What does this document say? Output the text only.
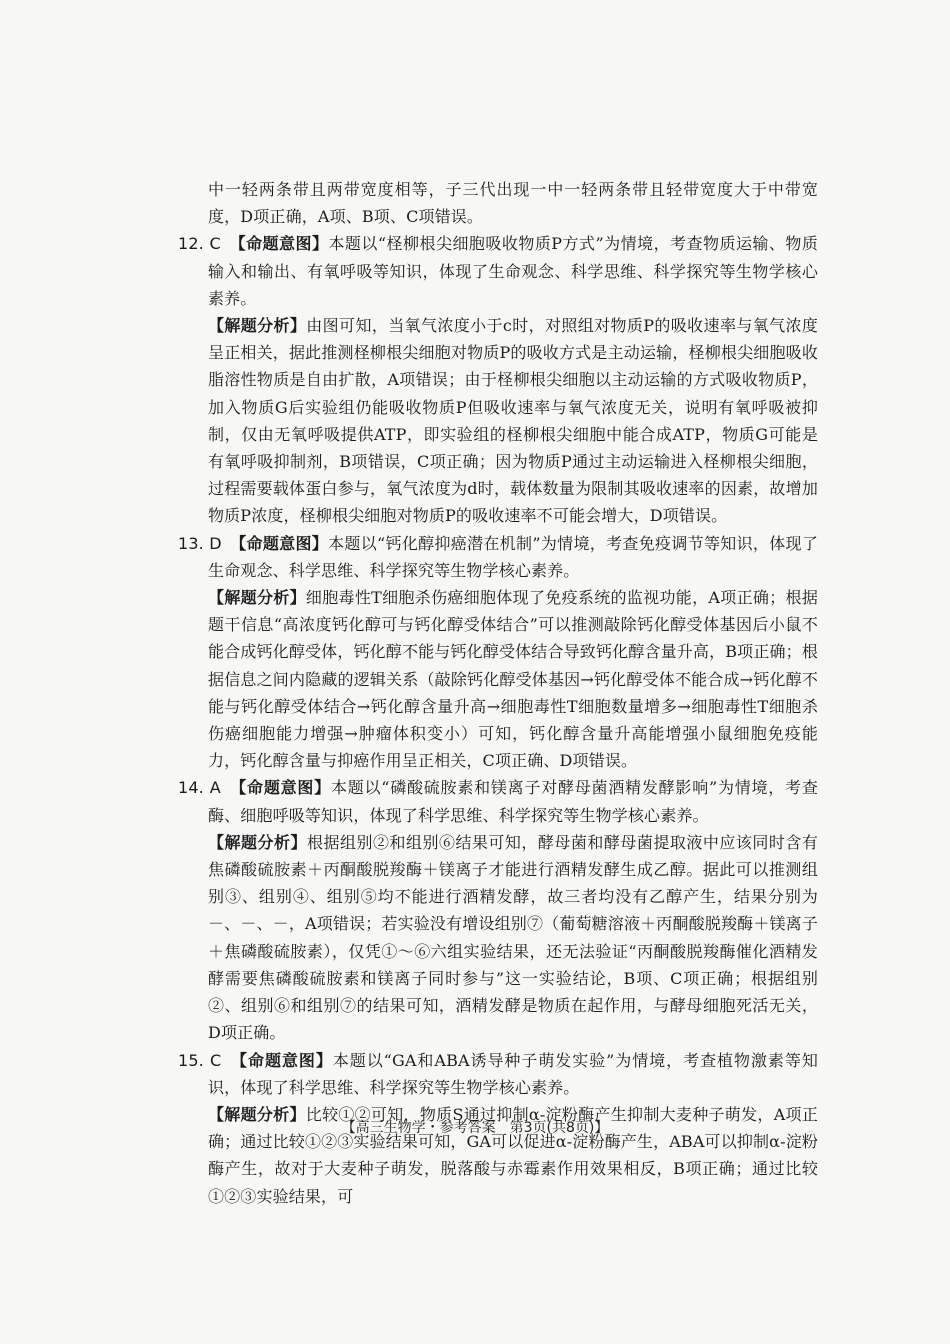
中一轻两条带且两带宽度相等，子三代出现一中一轻两条带且轻带宽度大于中带宽度，D项正确，A项、B项、C项错误。

12. C　 【命题意图】本题以“柽柳根尖细胞吸收物质P方式”为情境，考查物质运输、物质输入和输出、有氧呼吸等知识，体现了生命观念、科学思维、科学探究等生物学核心素养。

【解题分析】由图可知，当氧气浓度小于c时，对照组对物质P的吸收速率与氧气浓度呈正相关，据此推测柽柳根尖细胞对物质P的吸收方式是主动运输，柽柳根尖细胞吸收脂溶性物质是自由扩散，A项错误；由于柽柳根尖细胞以主动运输的方式吸收物质P，加入物质G后实验组仍能吸收物质P但吸收速率与氧气浓度无关，说明有氧呼吸被抑制，仅由无氧呼吸提供ATP，即实验组的柽柳根尖细胞中能合成ATP，物质G可能是有氧呼吸抑制剂，B项错误，C项正确；因为物质P通过主动运输进入柽柳根尖细胞，过程需要载体蛋白参与，氧气浓度为d时，载体数量为限制其吸收速率的因素，故增加物质P浓度，柽柳根尖细胞对物质P的吸收速率不可能会增大，D项错误。

13. D　 【命题意图】本题以“钙化醇抑癌潜在机制”为情境，考查免疫调节等知识，体现了生命观念、科学思维、科学探究等生物学核心素养。

【解题分析】细胞毒性T细胞杀伤癌细胞体现了免疫系统的监视功能，A项正确；根据题干信息“高浓度钙化醇可与钙化醇受体结合”可以推测敲除钙化醇受体基因后小鼠不能合成钙化醇受体，钙化醇不能与钙化醇受体结合导致钙化醇含量升高，B项正确；根据信息之间内隐藏的逻辑关系（敲除钙化醇受体基因→钙化醇受体不能合成→钙化醇不能与钙化醇受体结合→钙化醇含量升高→细胞毒性T细胞数量增多→细胞毒性T细胞杀伤癌细胞能力增强→肿瘤体积变小）可知，钙化醇含量升高能增强小鼠细胞免疫能力，钙化醇含量与抑癌作用呈正相关，C项正确、D项错误。

14. A　 【命题意图】本题以“磷酸硫胺素和镁离子对酵母菌酒精发酵影响”为情境，考查酶、细胞呼吸等知识，体现了科学思维、科学探究等生物学核心素养。

【解题分析】根据组别②和组别⑥结果可知，酵母菌和酵母菌提取液中应该同时含有焦磷酸硫胺素＋丙酮酸脱羧酶＋镁离子才能进行酒精发酵生成乙醇。据此可以推测组别③、组别④、组别⑤均不能进行酒精发酵，故三者均没有乙醇产生，结果分别为－、－、－，A项错误；若实验没有增设组别⑦（葡萄糖溶液＋丙酮酸脱羧酶＋镁离子＋焦磷酸硫胺素），仅凭①～⑥六组实验结果，还无法验证“丙酮酸脱羧酶催化酒精发酵需要焦磷酸硫胺素和镁离子同时参与”这一实验结论，B项、C项正确；根据组别②、组别⑥和组别⑦的结果可知，酒精发酵是物质在起作用，与酵母细胞死活无关，D项正确。

15. C　 【命题意图】本题以“GA和ABA诱导种子萌发实验”为情境，考查植物激素等知识，体现了科学思维、科学探究等生物学核心素养。

【解题分析】比较①②可知，物质S通过抑制α-淀粉酶产生抑制大麦种子萌发，A项正确；通过比较①②③实验结果可知，GA可以促进α-淀粉酶产生，ABA可以抑制α-淀粉酶产生，故对于大麦种子萌发，脱落酸与赤霉素作用效果相反，B项正确；通过比较①②③实验结果，可

【高三生物学・参考答案　第3页(共8页)】	..
